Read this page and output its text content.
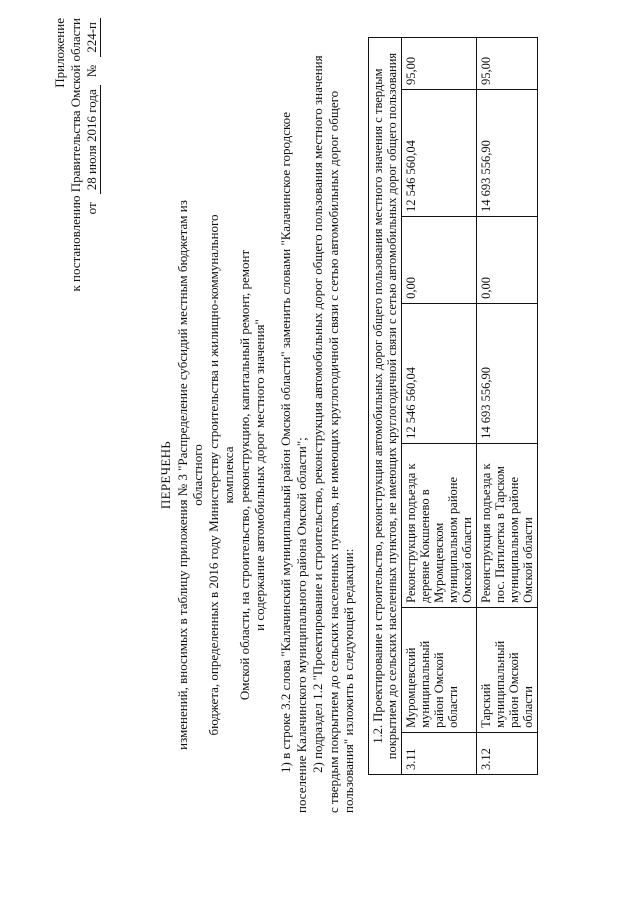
Приложение к постановлению Правительства Омской области от
28 июля 2016 года
№
224-п
ПЕРЕЧЕНЬ изменений, вносимых в таблицу приложения № 3 "Распределение субсидий местным бюджетам из областного бюджета, определенных в 2016 году Министерству строительства и жилищно-коммунального комплекса Омской области, на строительство, реконструкцию, капитальный ремонт, ремонт и содержание автомобильных дорог местного значения" 1) в строке 3.2 слова "Калачинский муниципальный район Омской области" заменить словами "Калачинское городское поселение Калачинского муниципального района Омской области"; 2) подраздел 1.2 "Проектирование и строительство, реконструкция автомобильных дорог общего пользования местного значения с твердым покрытием до сельских населенных пунктов, не имеющих круглогодичной связи с сетью автомобильных дорог общего пользования" изложить в следующей редакции: 1.2. Проектирование и строительство, реконструкция автомобильных дорог общего пользования местного значения с твердым покрытием до сельских населенных пунктов, не имеющих круглогодичной связи с сетью автомобильных дорог общего пользования						
3.11	Муромцевский муниципальный район Омской области	Реконструкция подъезда к деревне Кокшенево в Муромцевском муниципальном районе Омской области	12 546 560,04	0,00	12 546 560,04	95,00
3.12	Тарский муниципальный район Омской области	Реконструкция подъезда к пос. Пятилетка в Тарском муниципальном районе Омской области	14 693 556,90	0,00	14 693 556,90	95,00
